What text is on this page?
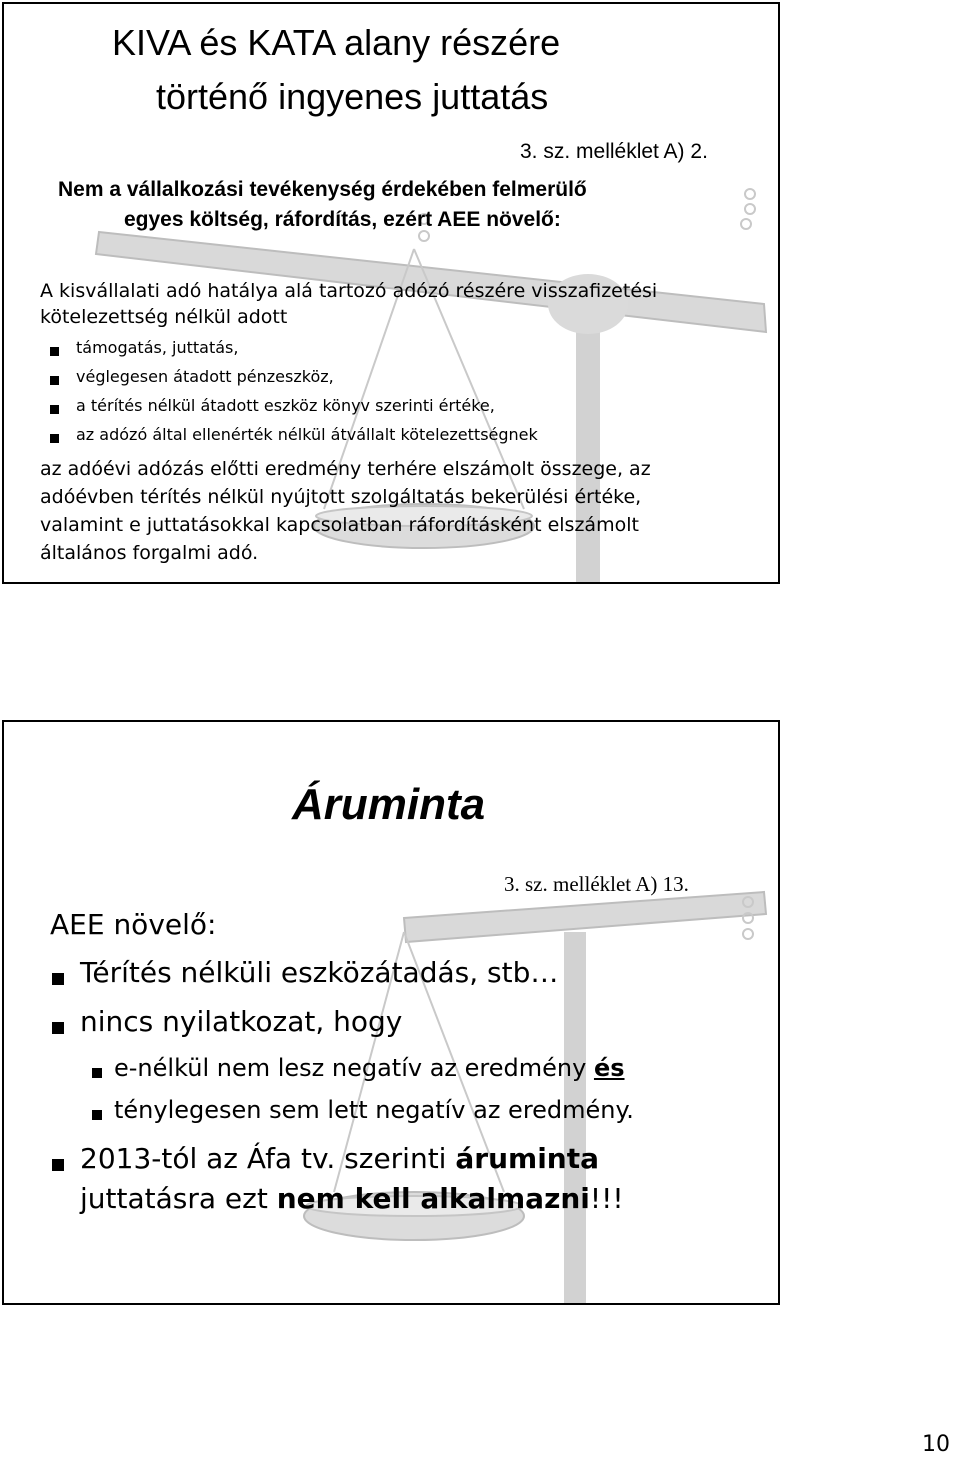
KIVA és KATA alany részére

történő ingyenes juttatás

3. sz. melléklet A) 2.

Nem a vállalkozási tevékenység érdekében felmerülő

egyes költség, ráfordítás, ezért AEE növelő:

A kisvállalati adó hatálya alá tartozó adózó részére visszafizetési

kötelezettség nélkül adott

támogatás, juttatás,

véglegesen átadott pénzeszköz,

a térítés nélkül átadott eszköz könyv szerinti értéke,

az adózó által ellenérték nélkül átvállalt kötelezettségnek

az adóévi adózás előtti eredmény terhére elszámolt összege, az

adóévben térítés nélkül nyújtott szolgáltatás bekerülési értéke,

valamint e juttatásokkal kapcsolatban ráfordításként elszámolt

általános forgalmi adó.

Áruminta

3. sz. melléklet A) 13.

AEE növelő:

Térítés nélküli eszközátadás, stb…

nincs nyilatkozat, hogy

e-nélkül nem lesz negatív az eredmény és

ténylegesen sem lett negatív az eredmény.

2013-tól az Áfa tv. szerinti áruminta

juttatásra ezt nem kell alkalmazni!!!

10
